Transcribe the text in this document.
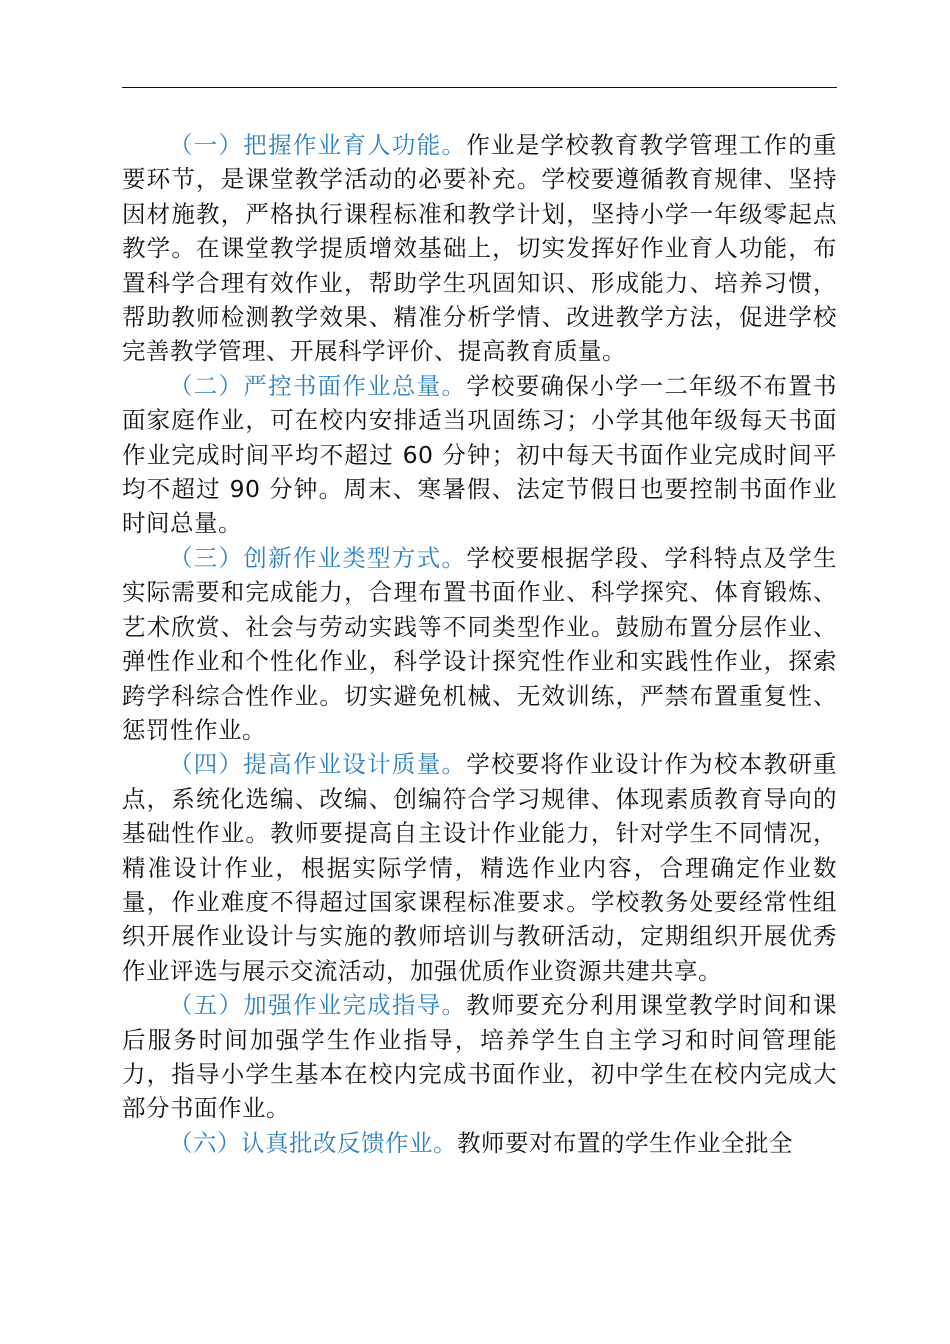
（一）把握作业育人功能。作业是学校教育教学管理工作的重要环节，是课堂教学活动的必要补充。学校要遵循教育规律、坚持因材施教，严格执行课程标准和教学计划，坚持小学一年级零起点教学。在课堂教学提质增效基础上，切实发挥好作业育人功能，布置科学合理有效作业，帮助学生巩固知识、形成能力、培养习惯，帮助教师检测教学效果、精准分析学情、改进教学方法，促进学校完善教学管理、开展科学评价、提高教育质量。

（二）严控书面作业总量。学校要确保小学一二年级不布置书面家庭作业，可在校内安排适当巩固练习；小学其他年级每天书面作业完成时间平均不超过 60 分钟；初中每天书面作业完成时间平均不超过 90 分钟。周末、寒暑假、法定节假日也要控制书面作业时间总量。

（三）创新作业类型方式。学校要根据学段、学科特点及学生实际需要和完成能力，合理布置书面作业、科学探究、体育锻炼、艺术欣赏、社会与劳动实践等不同类型作业。鼓励布置分层作业、弹性作业和个性化作业，科学设计探究性作业和实践性作业，探索跨学科综合性作业。切实避免机械、无效训练，严禁布置重复性、惩罚性作业。

（四）提高作业设计质量。学校要将作业设计作为校本教研重点，系统化选编、改编、创编符合学习规律、体现素质教育导向的基础性作业。教师要提高自主设计作业能力，针对学生不同情况，精准设计作业，根据实际学情，精选作业内容，合理确定作业数量，作业难度不得超过国家课程标准要求。学校教务处要经常性组织开展作业设计与实施的教师培训与教研活动，定期组织开展优秀作业评选与展示交流活动，加强优质作业资源共建共享。

（五）加强作业完成指导。教师要充分利用课堂教学时间和课后服务时间加强学生作业指导，培养学生自主学习和时间管理能力，指导小学生基本在校内完成书面作业，初中学生在校内完成大部分书面作业。

（六）认真批改反馈作业。教师要对布置的学生作业全批全
